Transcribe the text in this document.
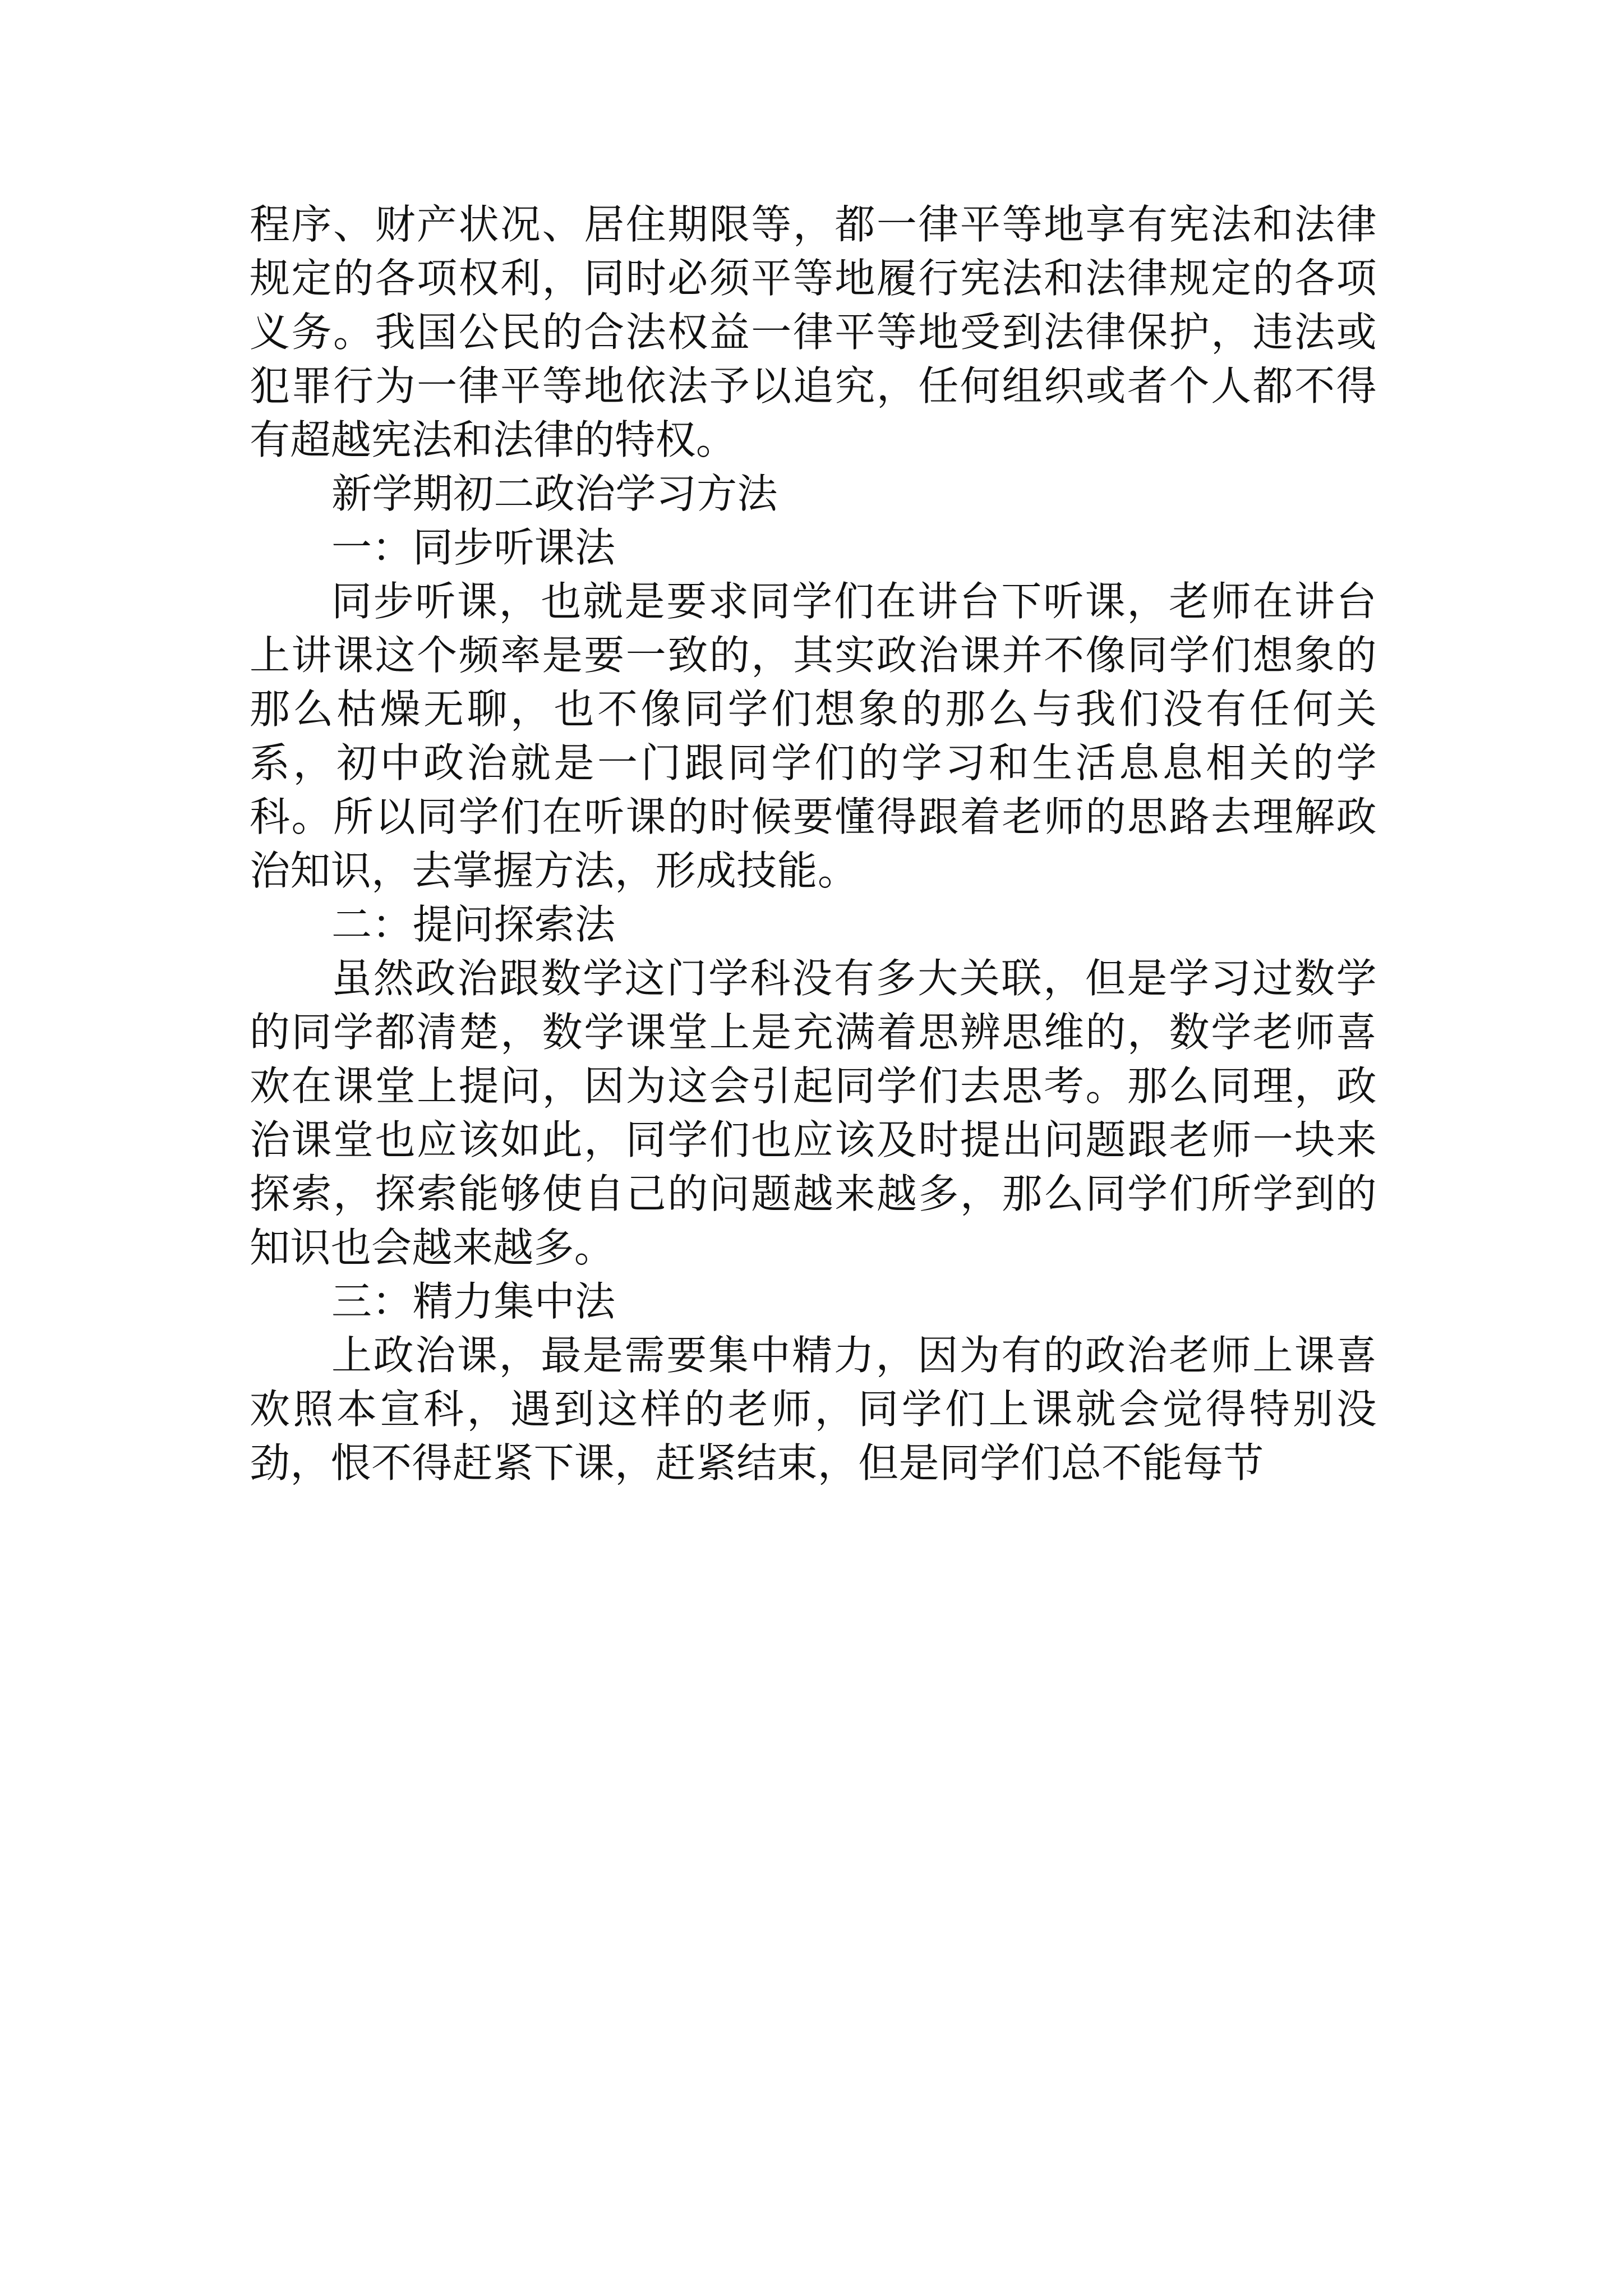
程序、财产状况、居住期限等，都一律平等地享有宪法和法律规定的各项权利，同时必须平等地履行宪法和法律规定的各项义务。我国公民的合法权益一律平等地受到法律保护，违法或犯罪行为一律平等地依法予以追究，任何组织或者个人都不得有超越宪法和法律的特权。

新学期初二政治学习方法

一：同步听课法

同步听课，也就是要求同学们在讲台下听课，老师在讲台上讲课这个频率是要一致的，其实政治课并不像同学们想象的那么枯燥无聊，也不像同学们想象的那么与我们没有任何关系，初中政治就是一门跟同学们的学习和生活息息相关的学科。所以同学们在听课的时候要懂得跟着老师的思路去理解政治知识，去掌握方法，形成技能。

二：提问探索法

虽然政治跟数学这门学科没有多大关联，但是学习过数学的同学都清楚，数学课堂上是充满着思辨思维的，数学老师喜欢在课堂上提问，因为这会引起同学们去思考。那么同理，政治课堂也应该如此，同学们也应该及时提出问题跟老师一块来探索，探索能够使自己的问题越来越多，那么同学们所学到的知识也会越来越多。

三：精力集中法

上政治课，最是需要集中精力，因为有的政治老师上课喜欢照本宣科，遇到这样的老师，同学们上课就会觉得特别没劲，恨不得赶紧下课，赶紧结束，但是同学们总不能每节
